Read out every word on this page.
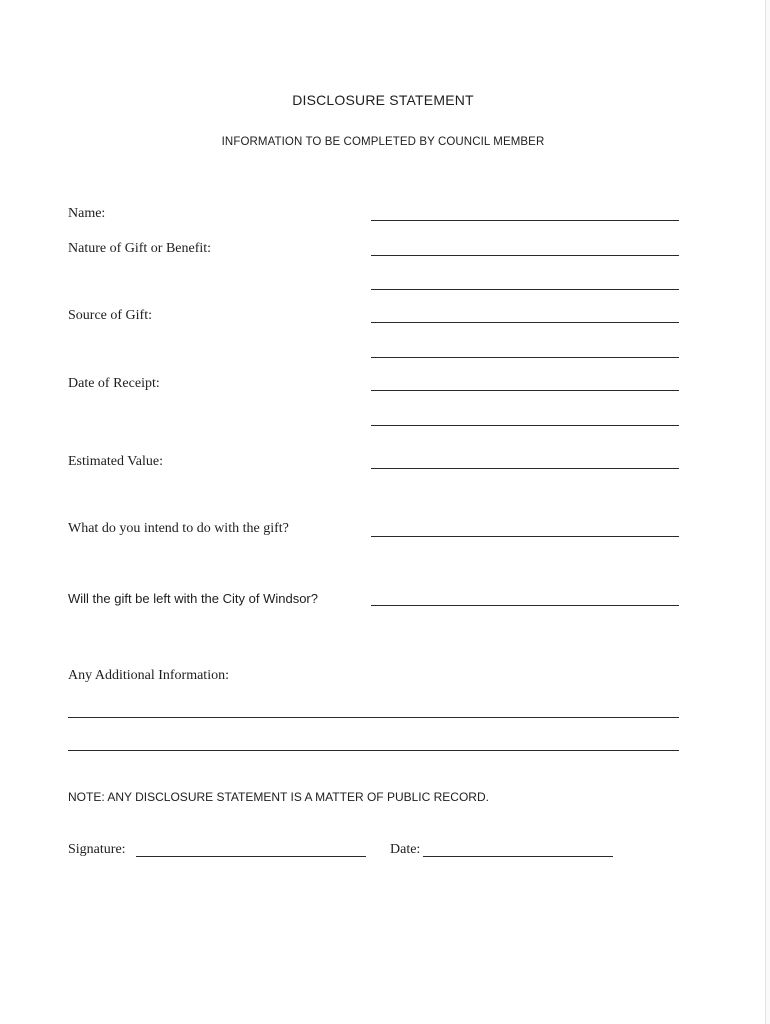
DISCLOSURE STATEMENT
INFORMATION TO BE COMPLETED BY COUNCIL MEMBER
Name:
Nature of Gift or Benefit:
Source of Gift:
Date of Receipt:
Estimated Value:
What do you intend to do with the gift?
Will the gift be left with the City of Windsor?
Any Additional Information:
NOTE: ANY DISCLOSURE STATEMENT IS A MATTER OF PUBLIC RECORD.
Signature:	Date:
